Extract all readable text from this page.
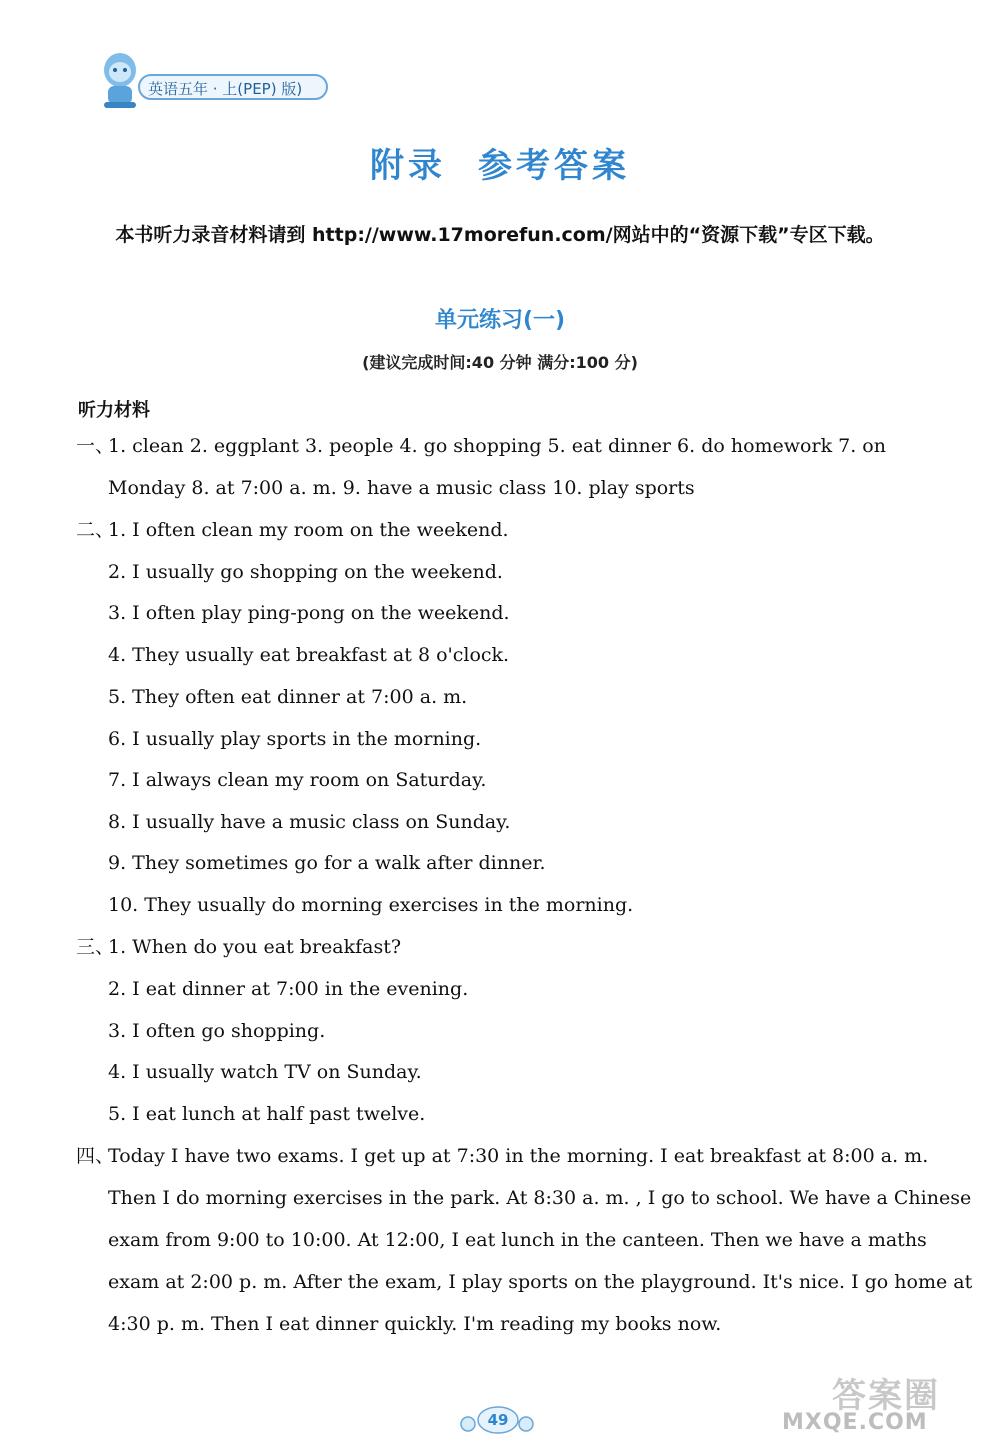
英语五年 · 上(PEP) 版)
附录 参考答案
本书听力录音材料请到 http://www.17morefun.com/网站中的“资源下载”专区下载。
单元练习(一)
(建议完成时间:40 分钟 满分:100 分)
听力材料
一、1. clean 2. eggplant 3. people 4. go shopping 5. eat dinner 6. do homework 7. on
Monday 8. at 7:00 a. m. 9. have a music class 10. play sports
二、1. I often clean my room on the weekend.
2. I usually go shopping on the weekend.
3. I often play ping-pong on the weekend.
4. They usually eat breakfast at 8 o'clock.
5. They often eat dinner at 7:00 a. m.
6. I usually play sports in the morning.
7. I always clean my room on Saturday.
8. I usually have a music class on Sunday.
9. They sometimes go for a walk after dinner.
10. They usually do morning exercises in the morning.
三、1. When do you eat breakfast?
2. I eat dinner at 7:00 in the evening.
3. I often go shopping.
4. I usually watch TV on Sunday.
5. I eat lunch at half past twelve.
四、Today I have two exams. I get up at 7:30 in the morning. I eat breakfast at 8:00 a. m.
Then I do morning exercises in the park. At 8:30 a. m. , I go to school. We have a Chinese
exam from 9:00 to 10:00. At 12:00, I eat lunch in the canteen. Then we have a maths
exam at 2:00 p. m. After the exam, I play sports on the playground. It's nice. I go home at
4:30 p. m. Then I eat dinner quickly. I'm reading my books now.
49
答案圈
MXQE.COM
